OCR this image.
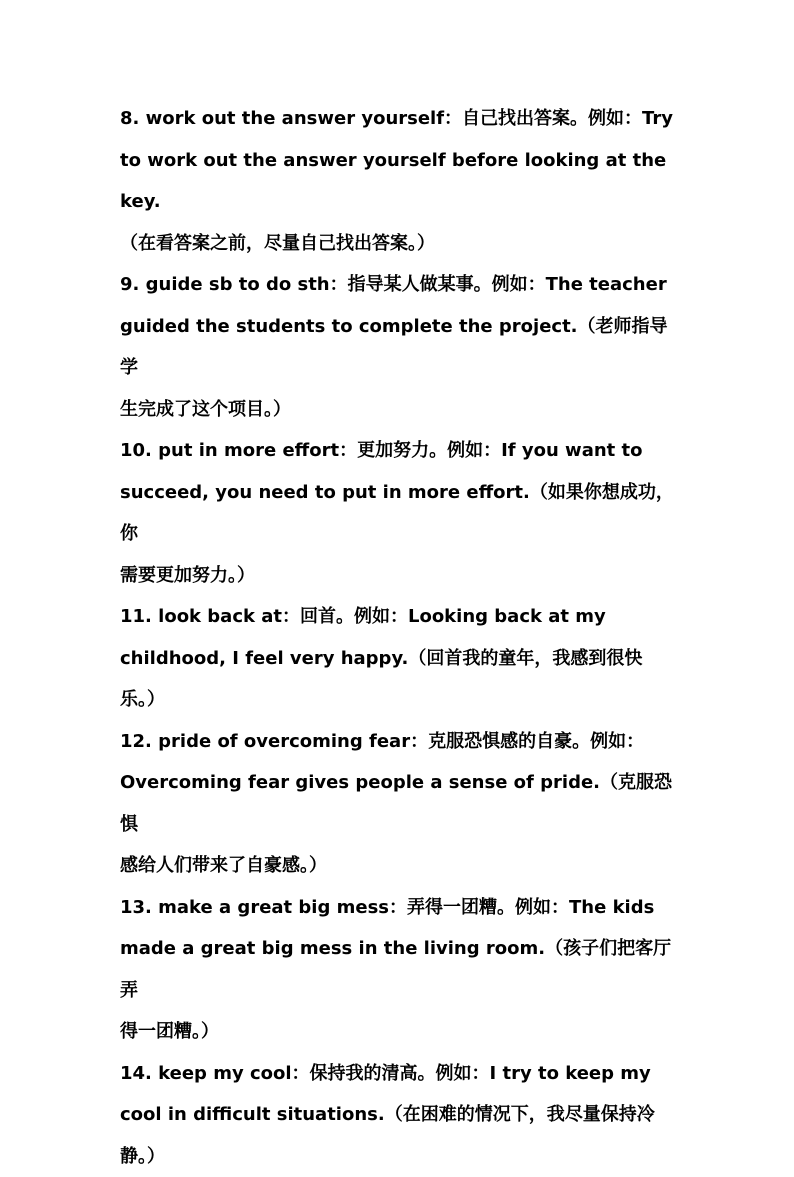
8. work out the answer yourself：自己找出答案。例如：Try
to work out the answer yourself before looking at the key.
（在看答案之前，尽量自己找出答案。）
9. guide sb to do sth：指导某人做某事。例如：The teacher
guided the students to complete the project.（老师指导学
生完成了这个项目。）
10. put in more effort：更加努力。例如：If you want to
succeed, you need to put in more effort.（如果你想成功，你
需要更加努力。）
11. look back at：回首。例如：Looking back at my
childhood, I feel very happy.（回首我的童年，我感到很快
乐。）
12. pride of overcoming fear：克服恐惧感的自豪。例如：
Overcoming fear gives people a sense of pride.（克服恐惧
感给人们带来了自豪感。）
13. make a great big mess：弄得一团糟。例如：The kids
made a great big mess in the living room.（孩子们把客厅弄
得一团糟。）
14. keep my cool：保持我的清高。例如：I try to keep my
cool in difficult situations.（在困难的情况下，我尽量保持冷
静。）
